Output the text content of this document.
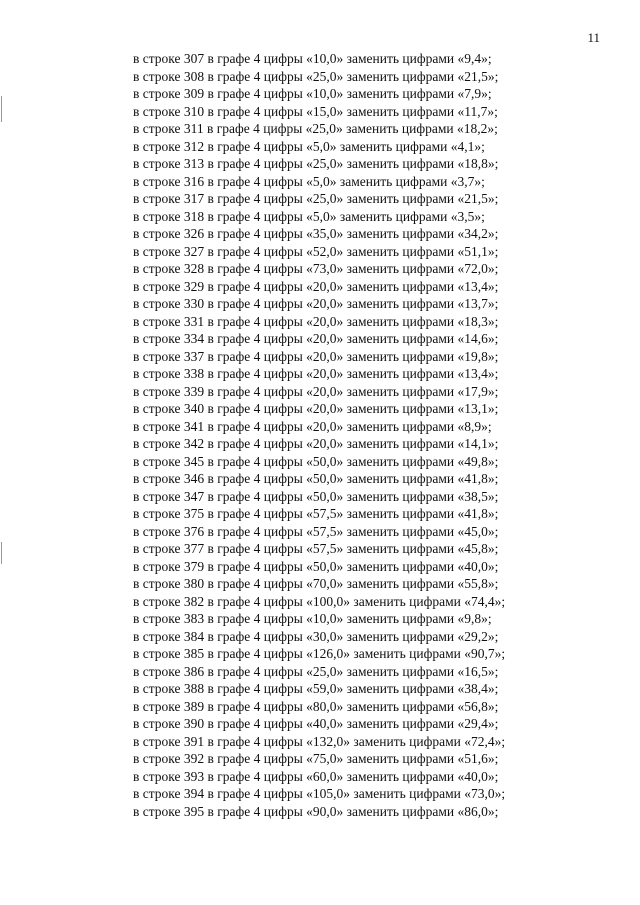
11
в строке 307 в графе 4 цифры «10,0» заменить цифрами «9,4»;
в строке 308 в графе 4 цифры «25,0» заменить цифрами «21,5»;
в строке 309 в графе 4 цифры «10,0» заменить цифрами «7,9»;
в строке 310 в графе 4 цифры «15,0» заменить цифрами «11,7»;
в строке 311 в графе 4 цифры «25,0» заменить цифрами «18,2»;
в строке 312 в графе 4 цифры «5,0» заменить цифрами «4,1»;
в строке 313 в графе 4 цифры «25,0» заменить цифрами «18,8»;
в строке 316 в графе 4 цифры «5,0» заменить цифрами «3,7»;
в строке 317 в графе 4 цифры «25,0» заменить цифрами «21,5»;
в строке 318 в графе 4 цифры «5,0» заменить цифрами «3,5»;
в строке 326 в графе 4 цифры «35,0» заменить цифрами «34,2»;
в строке 327 в графе 4 цифры «52,0» заменить цифрами «51,1»;
в строке 328 в графе 4 цифры «73,0» заменить цифрами «72,0»;
в строке 329 в графе 4 цифры «20,0» заменить цифрами «13,4»;
в строке 330 в графе 4 цифры «20,0» заменить цифрами «13,7»;
в строке 331 в графе 4 цифры «20,0» заменить цифрами «18,3»;
в строке 334 в графе 4 цифры «20,0» заменить цифрами «14,6»;
в строке 337 в графе 4 цифры «20,0» заменить цифрами «19,8»;
в строке 338 в графе 4 цифры «20,0» заменить цифрами «13,4»;
в строке 339 в графе 4 цифры «20,0» заменить цифрами «17,9»;
в строке 340 в графе 4 цифры «20,0» заменить цифрами «13,1»;
в строке 341 в графе 4 цифры «20,0» заменить цифрами «8,9»;
в строке 342 в графе 4 цифры «20,0» заменить цифрами «14,1»;
в строке 345 в графе 4 цифры «50,0» заменить цифрами «49,8»;
в строке 346 в графе 4 цифры «50,0» заменить цифрами «41,8»;
в строке 347 в графе 4 цифры «50,0» заменить цифрами «38,5»;
в строке 375 в графе 4 цифры «57,5» заменить цифрами «41,8»;
в строке 376 в графе 4 цифры «57,5» заменить цифрами «45,0»;
в строке 377 в графе 4 цифры «57,5» заменить цифрами «45,8»;
в строке 379 в графе 4 цифры «50,0» заменить цифрами «40,0»;
в строке 380 в графе 4 цифры «70,0» заменить цифрами «55,8»;
в строке 382 в графе 4 цифры «100,0» заменить цифрами «74,4»;
в строке 383 в графе 4 цифры «10,0» заменить цифрами «9,8»;
в строке 384 в графе 4 цифры «30,0» заменить цифрами «29,2»;
в строке 385 в графе 4 цифры «126,0» заменить цифрами «90,7»;
в строке 386 в графе 4 цифры «25,0» заменить цифрами «16,5»;
в строке 388 в графе 4 цифры «59,0» заменить цифрами «38,4»;
в строке 389 в графе 4 цифры «80,0» заменить цифрами «56,8»;
в строке 390 в графе 4 цифры «40,0» заменить цифрами «29,4»;
в строке 391 в графе 4 цифры «132,0» заменить цифрами «72,4»;
в строке 392 в графе 4 цифры «75,0» заменить цифрами «51,6»;
в строке 393 в графе 4 цифры «60,0» заменить цифрами «40,0»;
в строке 394 в графе 4 цифры «105,0» заменить цифрами «73,0»;
в строке 395 в графе 4 цифры «90,0» заменить цифрами «86,0»;
